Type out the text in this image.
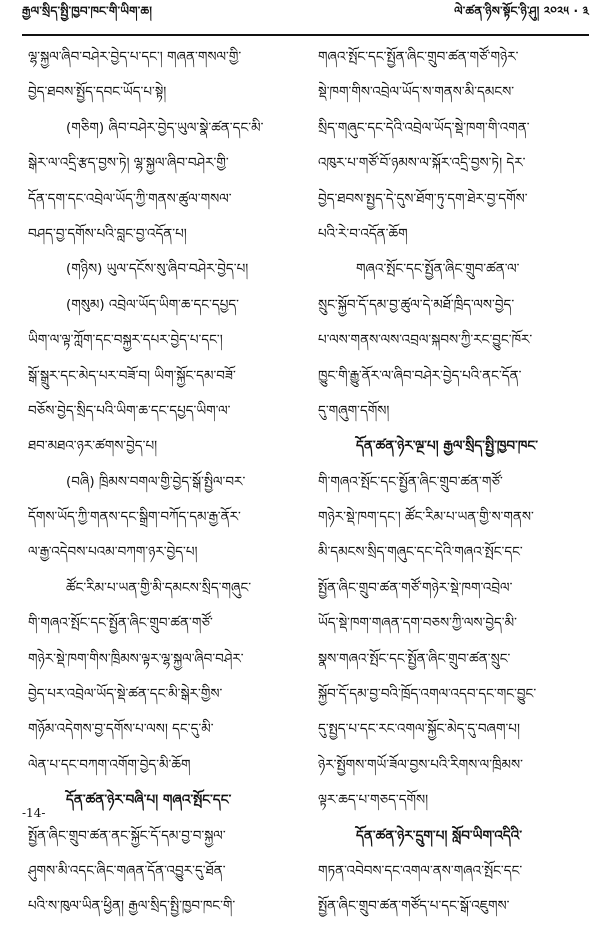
རྒྱལ་སྲིད་སྤྱི་ཁྱབ་ཁང་གི་ཡིག་ཆ།	ལེ་ཚན་ཉིས་སྟོང་ཉི་ཤུ། ༢༠༢༥ · ༣
ལྷ་སྐྱལ་ཞིབ་བཤེར་བྱེད་པ་དང་། གཞན་གསལ་གྱི་
བྱེད་ཐབས་སྤྱོད་དབང་ཡོད་པ་སྟེ།
(གཅིག) ཞིབ་བཤེར་བྱེད་ཡུལ་སྣེ་ཚན་དང་མི་
སྒེར་ལ་འདྲི་རྩད་བྱས་ཏེ། ལྷ་སྐྱལ་ཞིབ་བཤེར་གྱི་
དོན་དག་དང་འབྲེལ་ཡོད་ཀྱི་གནས་ཚུལ་གསལ་
བཤད་བྱ་དགོས་པའི་བླང་བྱ་འདོན་པ།
(གཉིས) ཡུལ་དངོས་སུ་ཞིབ་བཤེར་བྱེད་པ།
(གསུམ) འབྲེལ་ཡོད་ཡིག་ཆ་དང་དཔྱད་
ཡིག་ལ་ལྟ་ཀློག་དང་བསྐྱར་དཔར་བྱེད་པ་དང་།
སྒོ་སྒྲུར་དང་མེད་པར་བཟོ་བ། ཡིག་སྐྱོང་དམ་བཟོ་
བཅོས་བྱེད་སྲིད་པའི་ཡིག་ཆ་དང་དཔྱད་ཡིག་ལ་
ཐབ་མཐའ་ཉར་ཚགས་བྱེད་པ།
(བཞི) ཁྲིམས་བགལ་གྱི་བྱེད་སྒོ་སྤྱིལ་བར་
དོགས་ཡོད་ཀྱི་གནས་དང་སྒྲིག་བཀོད་དམ་རྒྱ་ནོར་
ལ་རྒྱ་འདེབས་པའམ་བཀག་ཉར་བྱེད་པ།
ཚོང་རིམ་པ་ཡན་གྱི་མི་དམངས་སྲིད་གཞུང་
གི་གཞའ་སྤོང་དང་སྤྱོན་ཞིང་གྲུབ་ཚན་གཙོ་
གཉེར་སྡེ་ཁག་གིས་ཁྲིམས་ལྟར་ལྷ་སྐྱལ་ཞིབ་བཤེར་
བྱེད་པར་འབྲེལ་ཡོད་སྡེ་ཚན་དང་མི་སྒེར་གྱིས་
གཉོམ་འདེགས་བྱ་དགོས་པ་ལས། དང་དུ་མི་
ལེན་པ་དང་བཀག་འགོག་བྱེད་མི་ཆོག
དོན་ཚན་ཉེར་བཞི་པ། གཞའ་སྤོང་དང་
སྤྱོན་ཞིང་གྲུབ་ཚན་ནང་སྐྱོང་དོ་དམ་བྱ་བ་སྐྱལ་
ཤུགས་མི་འདང་ཞིང་གཞན་དོན་འབྱུར་དུ་ཐོན་
པའི་ས་ཁུལ་ཡིན་ཕྱིན། རྒྱལ་སྲིད་སྤྱི་ཁྱབ་ཁང་གི་
གཞའ་སྤོང་དང་སྤྱོན་ཞིང་གྲུབ་ཚན་གཙོ་གཉེར་
སྡེ་ཁག་གིས་འབྲེལ་ཡོད་ས་གནས་མི་དམངས་
སྲིད་གཞུང་དང་དེའི་འབྲེལ་ཡོད་སྡེ་ཁག་གི་འགན་
འཁུར་པ་གཙོ་བོ་ཉམས་ལ་སྐོར་འདྲི་བྱས་ཏེ། དེར་
བྱེད་ཐབས་སྤྱད་དེ་དུས་ཐོག་ཏུ་དག་ཐེར་བྱ་དགོས་
པའི་རེ་བ་འདོན་ཆོག
གཞའ་སྤོང་དང་སྤྱོན་ཞིང་གྲུབ་ཚན་ལ་
སྲུང་སྐྱོབ་དོ་དམ་བྱ་ཚུལ་དེ་མཐོ་ཁྲིད་ལས་བྱེད་
པ་ལས་གནས་ལས་འབྲལ་སྐབས་ཀྱི་རང་བྱུང་ཁོར་
ཁྱུང་གི་རྒྱུ་ནོར་ལ་ཞིབ་བཤེར་བྱེད་པའི་ནང་དོན་
དུ་གཞུག་དགོས།
དོན་ཚན་ཉེར་ལྔ་པ། རྒྱལ་སྲིད་སྤྱི་ཁྱབ་ཁང་
གི་གཞའ་སྤོང་དང་སྤྱོན་ཞིང་གྲུབ་ཚན་གཙོ་
གཉེར་སྡེ་ཁག་དང་། ཚོང་རིམ་པ་ཡན་གྱི་ས་གནས་
མི་དམངས་སྲིད་གཞུང་དང་དེའི་གཞའ་སྤོང་དང་
སྤྱོན་ཞིང་གྲུབ་ཚན་གཙོ་གཉེར་སྡེ་ཁག་འབྲེལ་
ཡོད་སྡེ་ཁག་གཞན་དག་བཅས་ཀྱི་ལས་བྱེད་མི་
སྣས་གཞའ་སྤོང་དང་སྤྱོན་ཞིང་གྲུབ་ཚན་སྲུང་
སྐྱོབ་དོ་དམ་བྱ་བའི་ཁྲོད་འགལ་འདབ་དང་གང་བྱུང་
དུ་སྤྱད་པ་དང་རང་འགལ་སྐྱོང་མེད་དུ་བཞག་པ།
ཉེར་སྤྱོགས་གཡོ་ཟོལ་བྱས་པའི་རིགས་ལ་ཁྲིམས་
ལྟར་ཆད་པ་གཅད་དགོས།
དོན་ཚན་ཉེར་དྲུག་པ། སློབ་ཡིག་འདིའི་
གཏན་འབེབས་དང་འགལ་ནས་གཞའ་སྤོང་དང་
སྤྱོན་ཞིང་གྲུབ་ཚན་གཙོད་པ་དང་སྒོ་འཇུགས་
-14-
